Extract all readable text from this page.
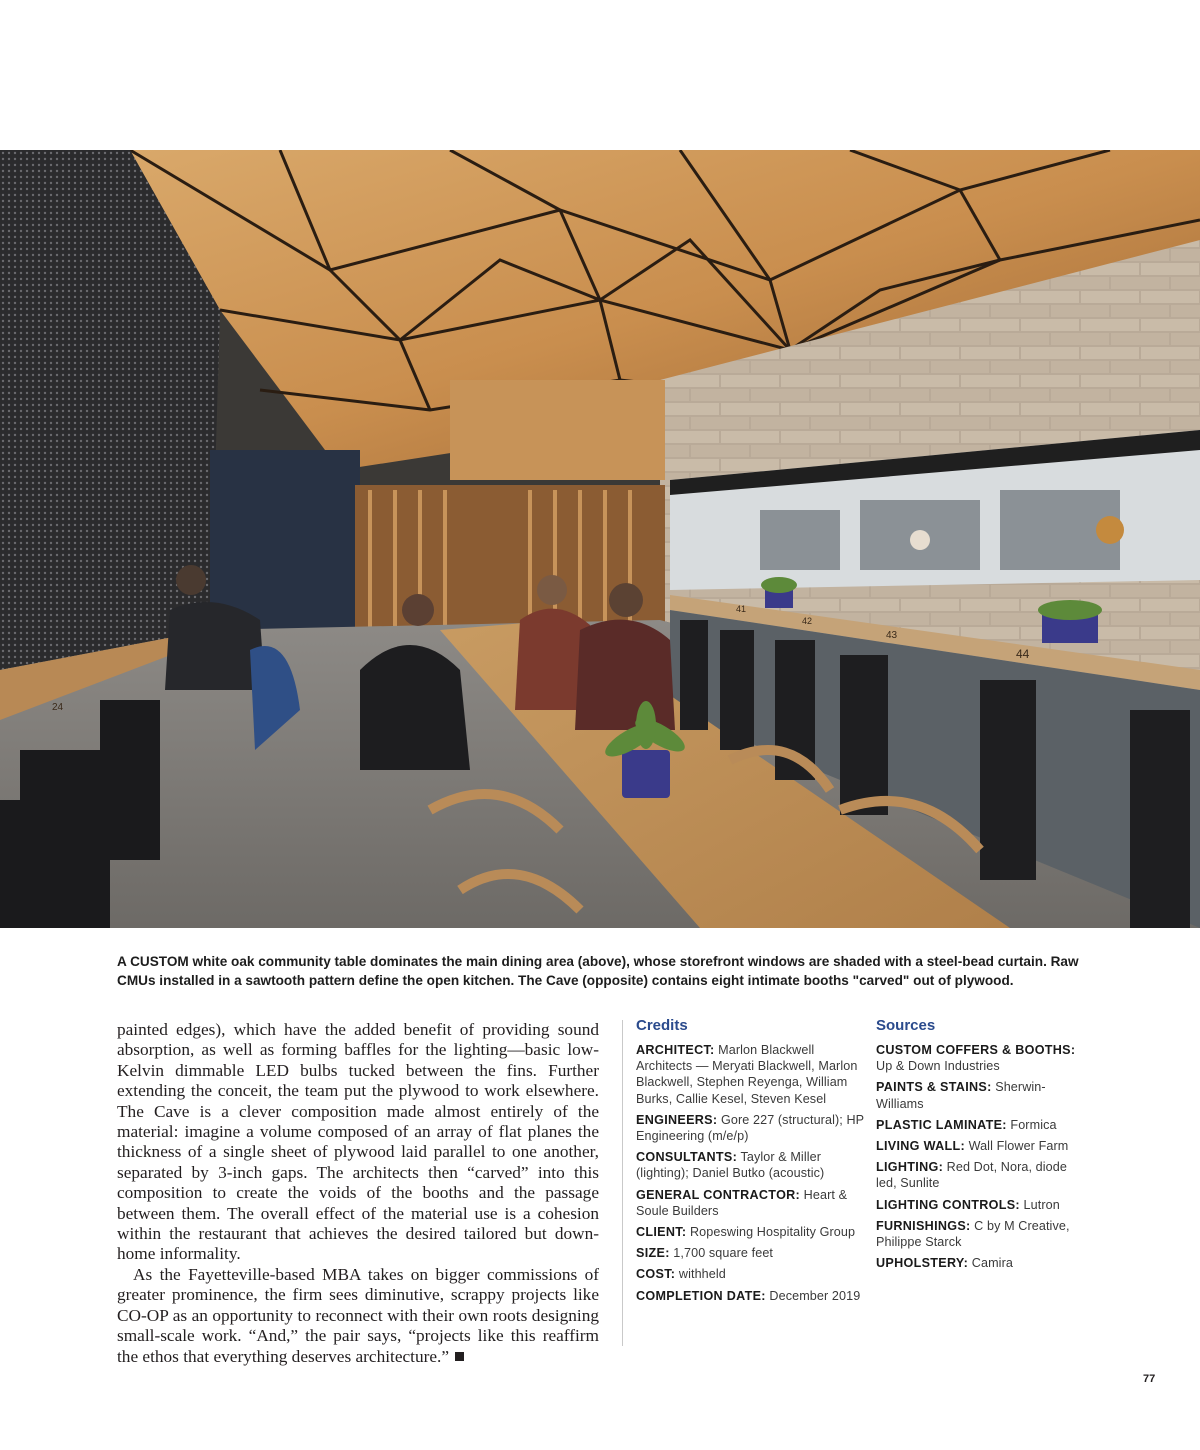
24
41
42
43
44
A CUSTOM white oak community table dominates the main dining area (above), whose storefront windows are shaded with a steel-bead curtain. Raw CMUs installed in a sawtooth pattern define the open kitchen. The Cave (opposite) contains eight intimate booths "carved" out of plywood.

painted edges), which have the added benefit of providing sound absorption, as well as forming baffles for the lighting—basic low-Kelvin dimmable LED bulbs tucked between the fins. Further extending the conceit, the team put the plywood to work elsewhere. The Cave is a clever composition made almost entirely of the material: imagine a volume composed of an array of flat planes the thickness of a single sheet of plywood laid parallel to one another, separated by 3-inch gaps. The architects then “carved” into this composition to create the voids of the booths and the passage between them. The overall effect of the material use is a cohesion within the restaurant that achieves the desired tailored but down-home informality.

As the Fayetteville-based MBA takes on bigger commissions of greater prominence, the firm sees diminutive, scrappy projects like CO-OP as an opportunity to reconnect with their own roots designing small-scale work. “And,” the pair says, “projects like this reaffirm the ethos that everything deserves architecture.”

Credits
ARCHITECT: Marlon Blackwell Architects — Meryati Blackwell, Marlon Blackwell, Stephen Reyenga, William Burks, Callie Kesel, Steven Kesel
ENGINEERS: Gore 227 (structural); HP Engineering (m/e/p)
CONSULTANTS: Taylor & Miller (lighting); Daniel Butko (acoustic)
GENERAL CONTRACTOR: Heart & Soule Builders
CLIENT: Ropeswing Hospitality Group
SIZE: 1,700 square feet
COST: withheld
COMPLETION DATE: December 2019
Sources
CUSTOM COFFERS & BOOTHS: Up & Down Industries
PAINTS & STAINS: Sherwin-Williams
PLASTIC LAMINATE: Formica
LIVING WALL: Wall Flower Farm
LIGHTING: Red Dot, Nora, diode led, Sunlite
LIGHTING CONTROLS: Lutron
FURNISHINGS: C by M Creative, Philippe Starck
UPHOLSTERY: Camira
77
